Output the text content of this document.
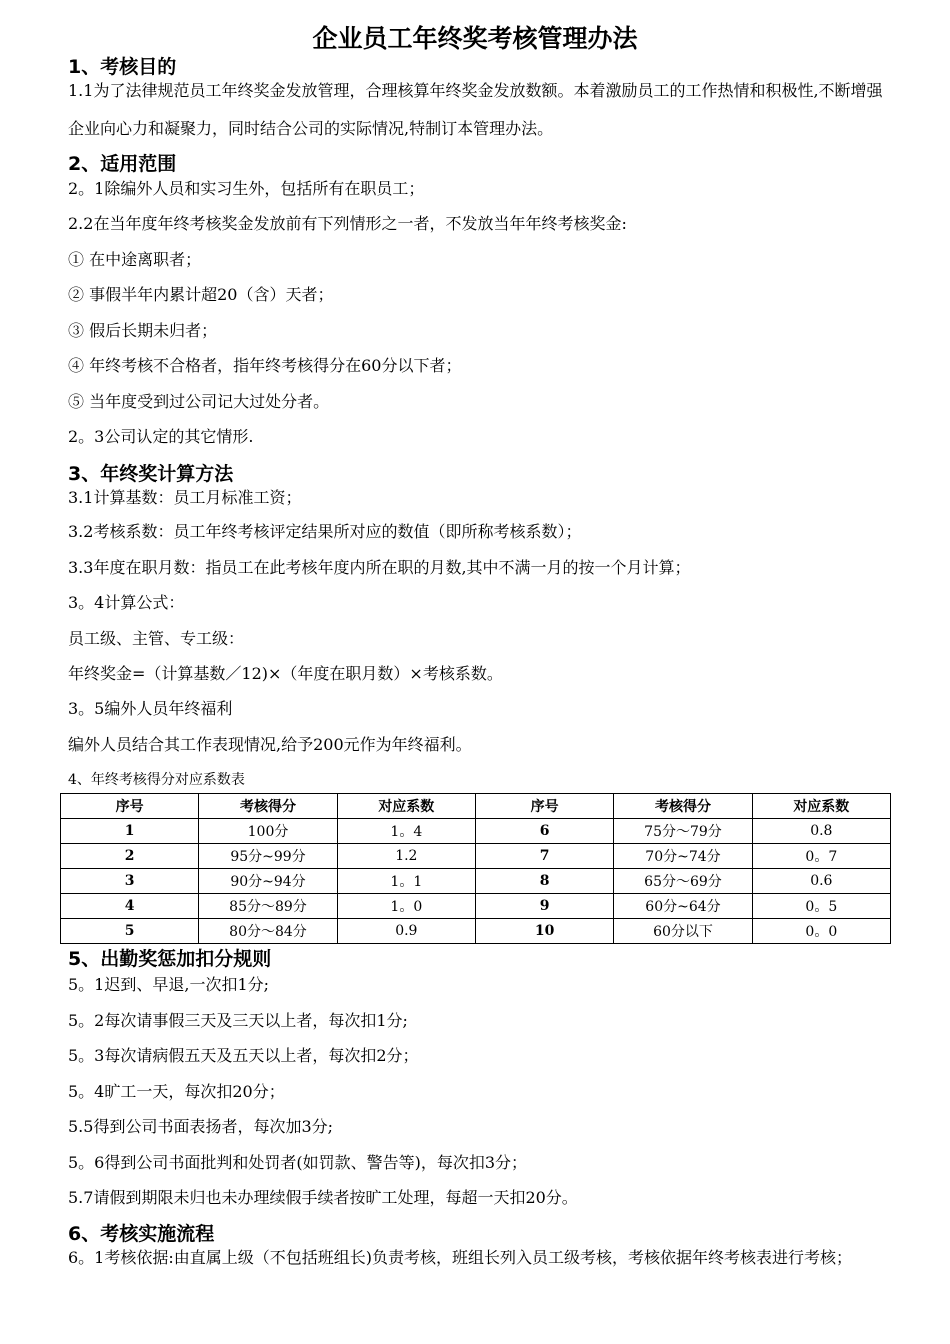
企业员工年终奖考核管理办法
1、考核目的
1.1为了法律规范员工年终奖金发放管理，合理核算年终奖金发放数额。本着激励员工的工作热情和积极性,不断增强企业向心力和凝聚力，同时结合公司的实际情况,特制订本管理办法。
2、适用范围
2。1除编外人员和实习生外，包括所有在职员工；
2.2在当年度年终考核奖金发放前有下列情形之一者，不发放当年年终考核奖金:
① 在中途离职者；
② 事假半年内累计超20（含）天者；
③ 假后长期未归者；
④ 年终考核不合格者，指年终考核得分在60分以下者；
⑤ 当年度受到过公司记大过处分者。
2。3公司认定的其它情形.
3、年终奖计算方法
3.1计算基数：员工月标准工资；
3.2考核系数：员工年终考核评定结果所对应的数值（即所称考核系数）；
3.3年度在职月数：指员工在此考核年度内所在职的月数,其中不满一月的按一个月计算；
3。4计算公式：
员工级、主管、专工级：
年终奖金=（计算基数／12)×（年度在职月数）×考核系数。
3。5编外人员年终福利
编外人员结合其工作表现情况,给予200元作为年终福利。
4、年终考核得分对应系数表
序号	考核得分	对应系数	序号	考核得分	对应系数
1	100分	1。4	6	75分～79分	0.8
2	95分~99分	1.2	7	70分~74分	0。7
3	90分~94分	1。1	8	65分～69分	0.6
4	85分～89分	1。0	9	60分~64分	0。5
5	80分～84分	0.9	10	60分以下	0。0
5、出勤奖惩加扣分规则
5。1迟到、早退,一次扣1分;
5。2每次请事假三天及三天以上者，每次扣1分;
5。3每次请病假五天及五天以上者，每次扣2分；
5。4旷工一天，每次扣20分；
5.5得到公司书面表扬者，每次加3分;
5。6得到公司书面批判和处罚者(如罚款、警告等)，每次扣3分；
5.7请假到期限未归也未办理续假手续者按旷工处理，每超一天扣20分。
6、考核实施流程
6。1考核依据:由直属上级（不包括班组长)负责考核，班组长列入员工级考核，考核依据年终考核表进行考核；
